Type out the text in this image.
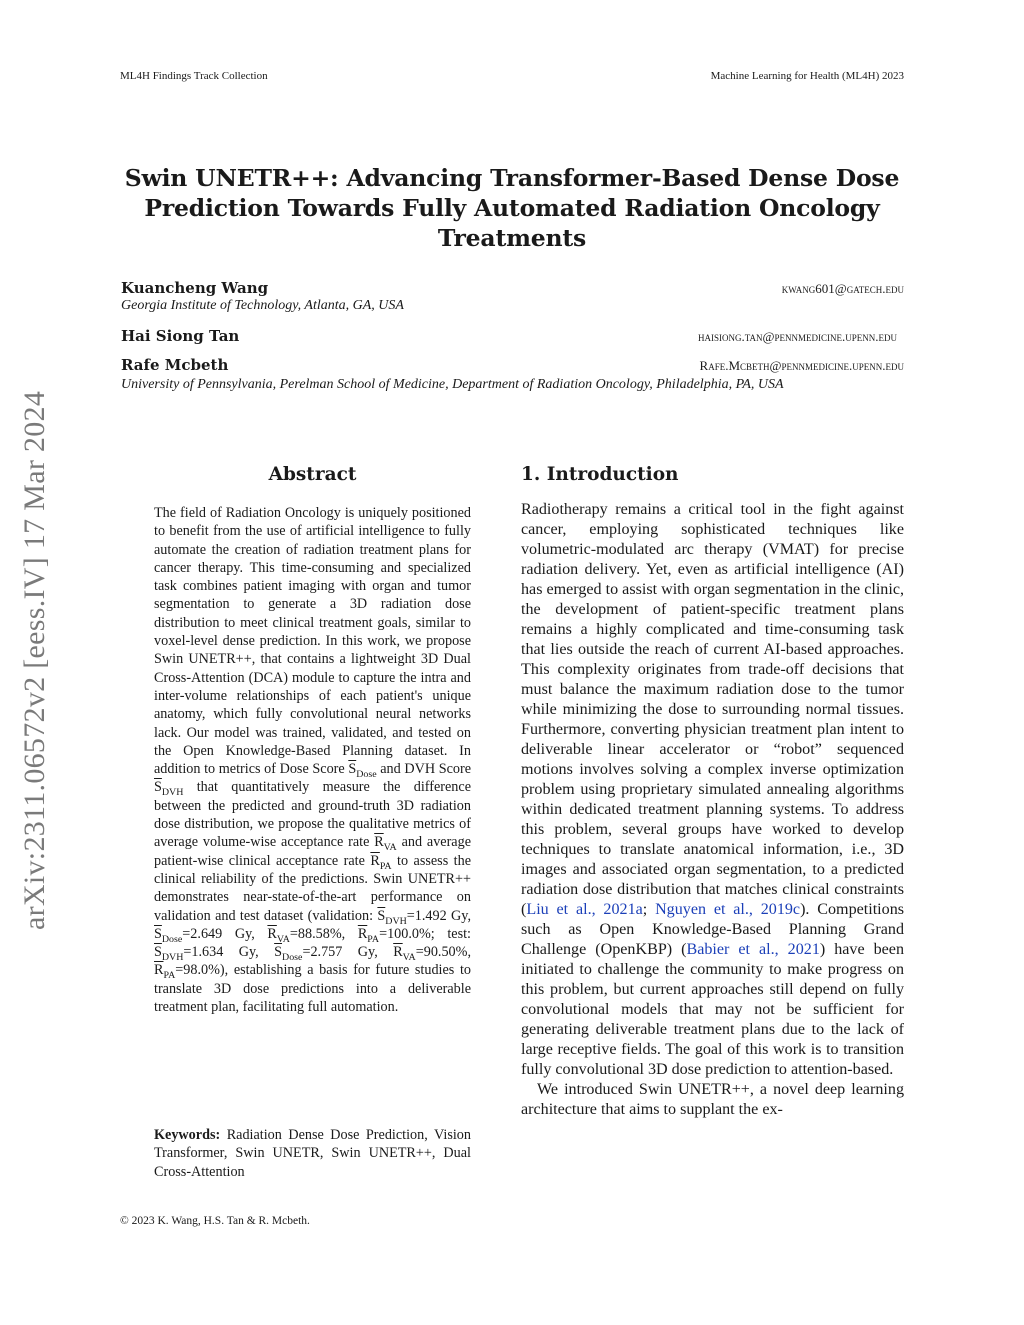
ML4H Findings Track Collection	Machine Learning for Health (ML4H) 2023
arXiv:2311.06572v2 [eess.IV] 17 Mar 2024
Swin UNETR++: Advancing Transformer-Based Dense Dose Prediction Towards Fully Automated Radiation Oncology Treatments
Kuancheng Wang	kwang601@gatech.edu
Georgia Institute of Technology, Atlanta, GA, USA
Hai Siong Tan	haisiong.tan@pennmedicine.upenn.edu
Rafe Mcbeth	Rafe.Mcbeth@pennmedicine.upenn.edu
University of Pennsylvania, Perelman School of Medicine, Department of Radiation Oncology, Philadelphia, PA, USA
Abstract
The field of Radiation Oncology is uniquely positioned to benefit from the use of artificial intelligence to fully automate the creation of radiation treatment plans for cancer therapy. This time-consuming and specialized task combines patient imaging with organ and tumor segmentation to generate a 3D radiation dose distribution to meet clinical treatment goals, similar to voxel-level dense prediction. In this work, we propose Swin UNETR++, that contains a lightweight 3D Dual Cross-Attention (DCA) module to capture the intra and inter-volume relationships of each patient's unique anatomy, which fully convolutional neural networks lack. Our model was trained, validated, and tested on the Open Knowledge-Based Planning dataset. In addition to metrics of Dose Score $\overline{S}_{Dose}$ and DVH Score $\overline{S}_{DVH}$ that quantitatively measure the difference between the predicted and ground-truth 3D radiation dose distribution, we propose the qualitative metrics of average volume-wise acceptance rate $\overline{R}_{VA}$ and average patient-wise clinical acceptance rate $\overline{R}_{PA}$ to assess the clinical reliability of the predictions. Swin UNETR++ demonstrates near-state-of-the-art performance on validation and test dataset (validation: $\overline{S}_{DVH}=1.492$ Gy, $\overline{S}_{Dose}=2.649$ Gy, $\overline{R}_{VA}=88.58\%$, $\overline{R}_{PA}=100.0\%$; test: $\overline{S}_{DVH}=1.634$ Gy, $\overline{S}_{Dose}=2.757$ Gy, $\overline{R}_{VA}=90.50\%$, $\overline{R}_{PA}=98.0\%$), establishing a basis for future studies to translate 3D dose predictions into a deliverable treatment plan, facilitating full automation.
Keywords: Radiation Dense Dose Prediction, Vision Transformer, Swin UNETR, Swin UNETR++, Dual Cross-Attention
1. Introduction

Radiotherapy remains a critical tool in the fight against cancer, employing sophisticated techniques like volumetric-modulated arc therapy (VMAT) for precise radiation delivery. Yet, even as artificial intelligence (AI) has emerged to assist with organ segmentation in the clinic, the development of patient-specific treatment plans remains a highly complicated and time-consuming task that lies outside the reach of current AI-based approaches. This complexity originates from trade-off decisions that must balance the maximum radiation dose to the tumor while minimizing the dose to surrounding normal tissues. Furthermore, converting physician treatment plan intent to deliverable linear accelerator or “robot” sequenced motions involves solving a complex inverse optimization problem using proprietary simulated annealing algorithms within dedicated treatment planning systems. To address this problem, several groups have worked to develop techniques to translate anatomical information, i.e., 3D images and associated organ segmentation, to a predicted radiation dose distribution that matches clinical constraints (Liu et al., 2021a; Nguyen et al., 2019c). Competitions such as Open Knowledge-Based Planning Grand Challenge (OpenKBP) (Babier et al., 2021) have been initiated to challenge the community to make progress on this problem, but current approaches still depend on fully convolutional models that may not be sufficient for generating deliverable treatment plans due to the lack of large receptive fields. The goal of this work is to transition fully convolutional 3D dose prediction to attention-based.

We introduced Swin UNETR++, a novel deep learning architecture that aims to supplant the ex-

© 2023 K. Wang, H.S. Tan & R. Mcbeth.
